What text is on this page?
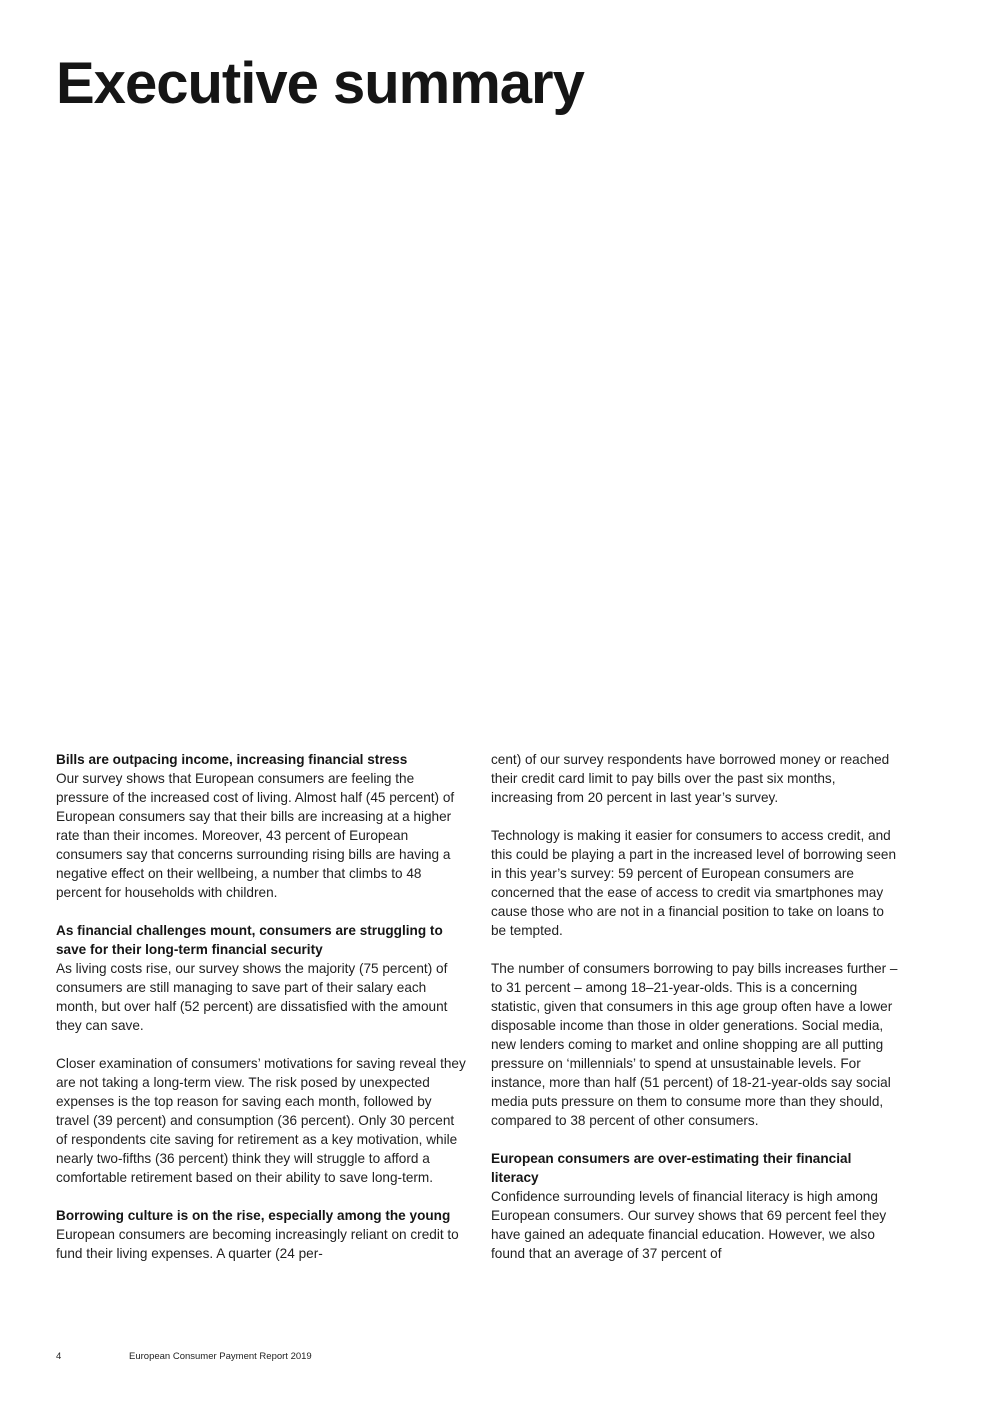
Executive summary

Bills are outpacing income, increasing financial stress
Our survey shows that European consumers are feeling the pressure of the increased cost of living. Almost half (45 percent) of European consumers say that their bills are increasing at a higher rate than their incomes. Moreover, 43 percent of European consumers say that concerns surrounding rising bills are having a negative effect on their wellbeing, a number that climbs to 48 percent for households with children.

As financial challenges mount, consumers are struggling to save for their long-term financial security
As living costs rise, our survey shows the majority (75 percent) of consumers are still managing to save part of their salary each month, but over half (52 percent) are dissatisfied with the amount they can save.

Closer examination of consumers’ motivations for saving reveal they are not taking a long-term view. The risk posed by unexpected expenses is the top reason for saving each month, followed by travel (39 percent) and consumption (36 percent). Only 30 percent of respondents cite saving for retirement as a key motivation, while nearly two-fifths (36 percent) think they will struggle to afford a comfortable retirement based on their ability to save long-term.

Borrowing culture is on the rise, especially among the young
European consumers are becoming increasingly reliant on credit to fund their living expenses. A quarter (24 per-

cent) of our survey respondents have borrowed money or reached their credit card limit to pay bills over the past six months, increasing from 20 percent in last year’s survey.

Technology is making it easier for consumers to access credit, and this could be playing a part in the increased level of borrowing seen in this year’s survey: 59 percent of European consumers are concerned that the ease of access to credit via smartphones may cause those who are not in a financial position to take on loans to be tempted.

The number of consumers borrowing to pay bills increases further – to 31 percent – among 18–21-year-olds. This is a concerning statistic, given that consumers in this age group often have a lower disposable income than those in older generations. Social media, new lenders coming to market and online shopping are all putting pressure on ‘millennials’ to spend at unsustainable levels. For instance, more than half (51 percent) of 18-21-year-olds say social media puts pressure on them to consume more than they should, compared to 38 percent of other consumers.

European consumers are over-estimating their financial literacy
Confidence surrounding levels of financial literacy is high among European consumers. Our survey shows that 69 percent feel they have gained an adequate financial education. However, we also found that an average of 37 percent of

4	European Consumer Payment Report 2019
